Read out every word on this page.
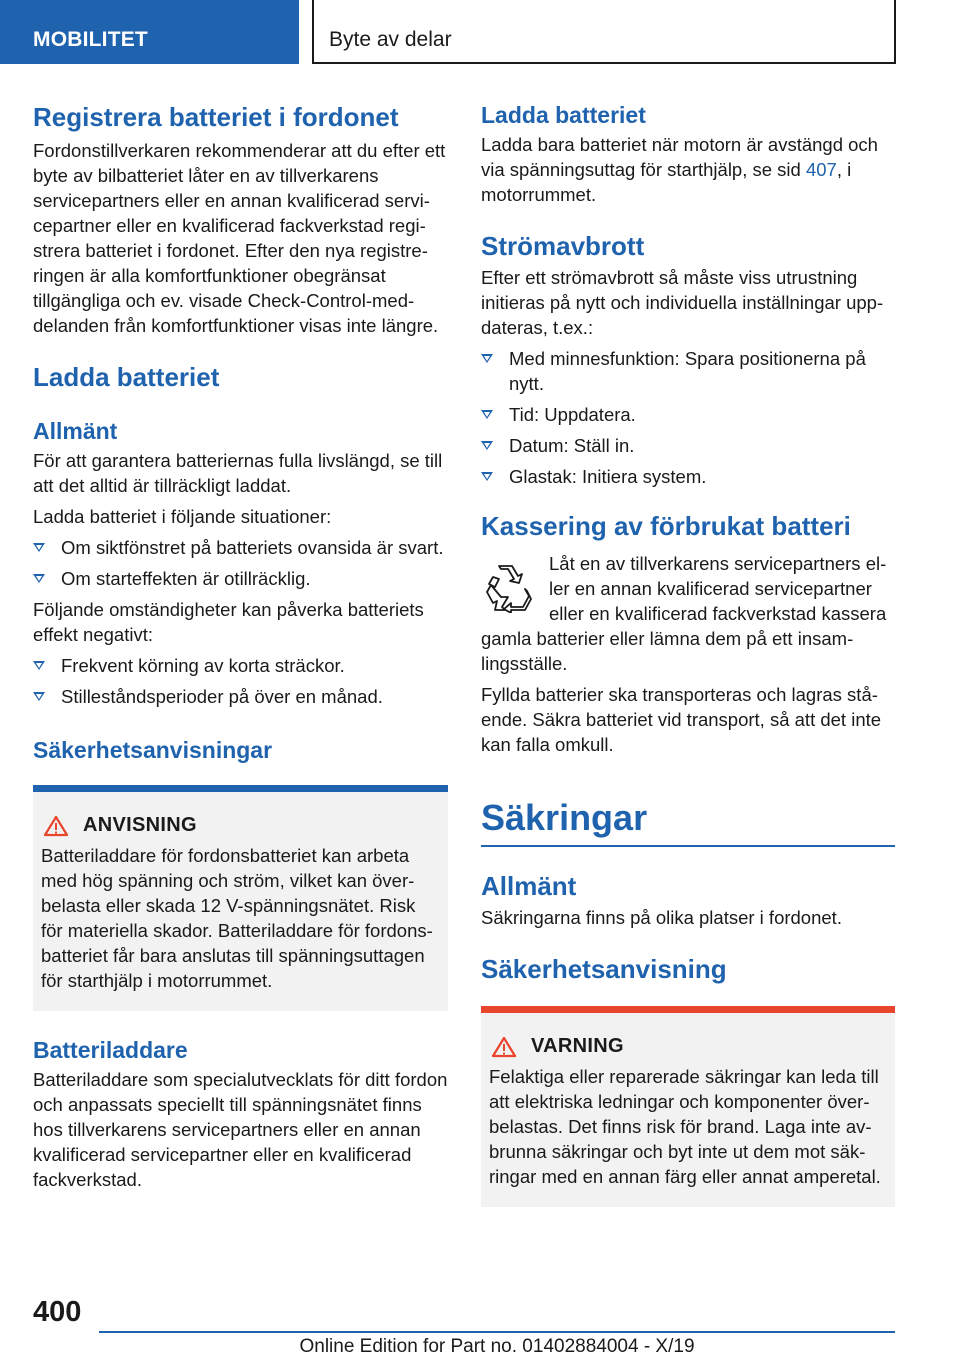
MOBILITET	Byte av delar
Registrera batteriet i fordonet

Fordonstillverkaren rekommenderar att du efter ett byte av bilbatteriet låter en av tillverkarens servicepartners eller en annan kvalificerad servicepartner eller en kvalificerad fackverkstad registrera batteriet i fordonet. Efter den nya registreringen är alla komfortfunktioner obegränsat tillgängliga och ev. visade Check-Control-meddelanden från komfortfunktioner visas inte längre.

Ladda batteriet
Allmänt

För att garantera batteriernas fulla livslängd, se till att det alltid är tillräckligt laddat.

Ladda batteriet i följande situationer:

Om siktfönstret på batteriets ovansida är svart.
Om starteffekten är otillräcklig.

Följande omständigheter kan påverka batteriets effekt negativt:

Frekvent körning av korta sträckor.
Stilleståndsperioder på över en månad.
Säkerhetsanvisningar
ANVISNING

Batteriladdare för fordonsbatteriet kan arbeta med hög spänning och ström, vilket kan överbelasta eller skada 12 V-spänningsnätet. Risk för materiella skador. Batteriladdare för fordonsbatteriet får bara anslutas till spänningsuttagen för starthjälp i motorrummet.

Batteriladdare

Batteriladdare som specialutvecklats för ditt fordon och anpassats speciellt till spänningsnätet finns hos tillverkarens servicepartners eller en annan kvalificerad servicepartner eller en kvalificerad fackverkstad.

Ladda batteriet

Ladda bara batteriet när motorn är avstängd och via spänningsuttag för starthjälp, se sid 407, i motorrummet.

Strömavbrott

Efter ett strömavbrott så måste viss utrustning initieras på nytt och individuella inställningar uppdateras, t.ex.:

Med minnesfunktion: Spara positionerna på nytt.
Tid: Uppdatera.
Datum: Ställ in.
Glastak: Initiera system.
Kassering av förbrukat batteri

Låt en av tillverkarens servicepartners eller en annan kvalificerad servicepartner eller en kvalificerad fackverkstad kassera gamla batterier eller lämna dem på ett insamlingsställe.

Fyllda batterier ska transporteras och lagras stående. Säkra batteriet vid transport, så att det inte kan falla omkull.

Säkringar
Allmänt

Säkringarna finns på olika platser i fordonet.

Säkerhetsanvisning
VARNING

Felaktiga eller reparerade säkringar kan leda till att elektriska ledningar och komponenter överbelastas. Det finns risk för brand. Laga inte avbrunna säkringar och byt inte ut dem mot säkringar med en annan färg eller annat amperetal.

400
Online Edition for Part no. 01402884004 - X/19
